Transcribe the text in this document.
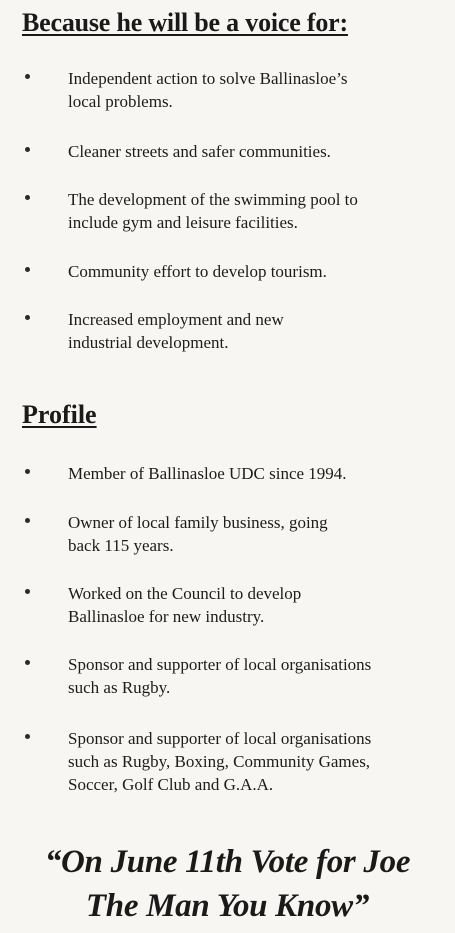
Because he will be a voice for:
Independent action to solve Ballinasloe’s
local problems.
Cleaner streets and safer communities.
The development of the swimming pool to
include gym and leisure facilities.
Community effort to develop tourism.
Increased employment and new
industrial development.
Profile
Member of Ballinasloe UDC since 1994.
Owner of local family business, going
back 115 years.
Worked on the Council to develop
Ballinasloe for new industry.
Sponsor and supporter of local organisations
such as Rugby.
Sponsor and supporter of local organisations
such as Rugby, Boxing, Community Games,
Soccer, Golf Club and G.A.A.
“On June 11th Vote for Joe
The Man You Know”
